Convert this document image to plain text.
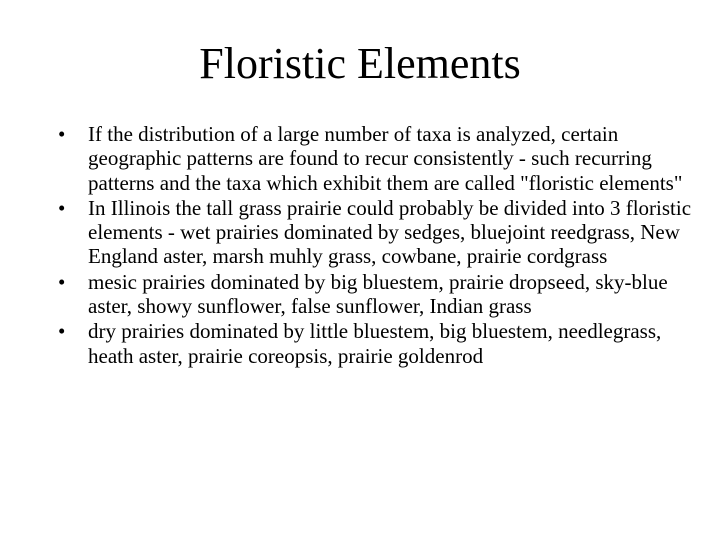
Floristic Elements
• If the distribution of a large number of taxa is analyzed, certain geographic patterns are found to recur consistently - such recurring patterns and the taxa which exhibit them are called "floristic elements"
• In Illinois the tall grass prairie could probably be divided into 3 floristic elements - wet prairies dominated by sedges, bluejoint reedgrass, New England aster, marsh muhly grass, cowbane, prairie cordgrass
• mesic prairies dominated by big bluestem, prairie dropseed, sky-blue aster, showy sunflower, false sunflower, Indian grass
• dry prairies dominated by little bluestem, big bluestem, needlegrass, heath aster, prairie coreopsis, prairie goldenrod
